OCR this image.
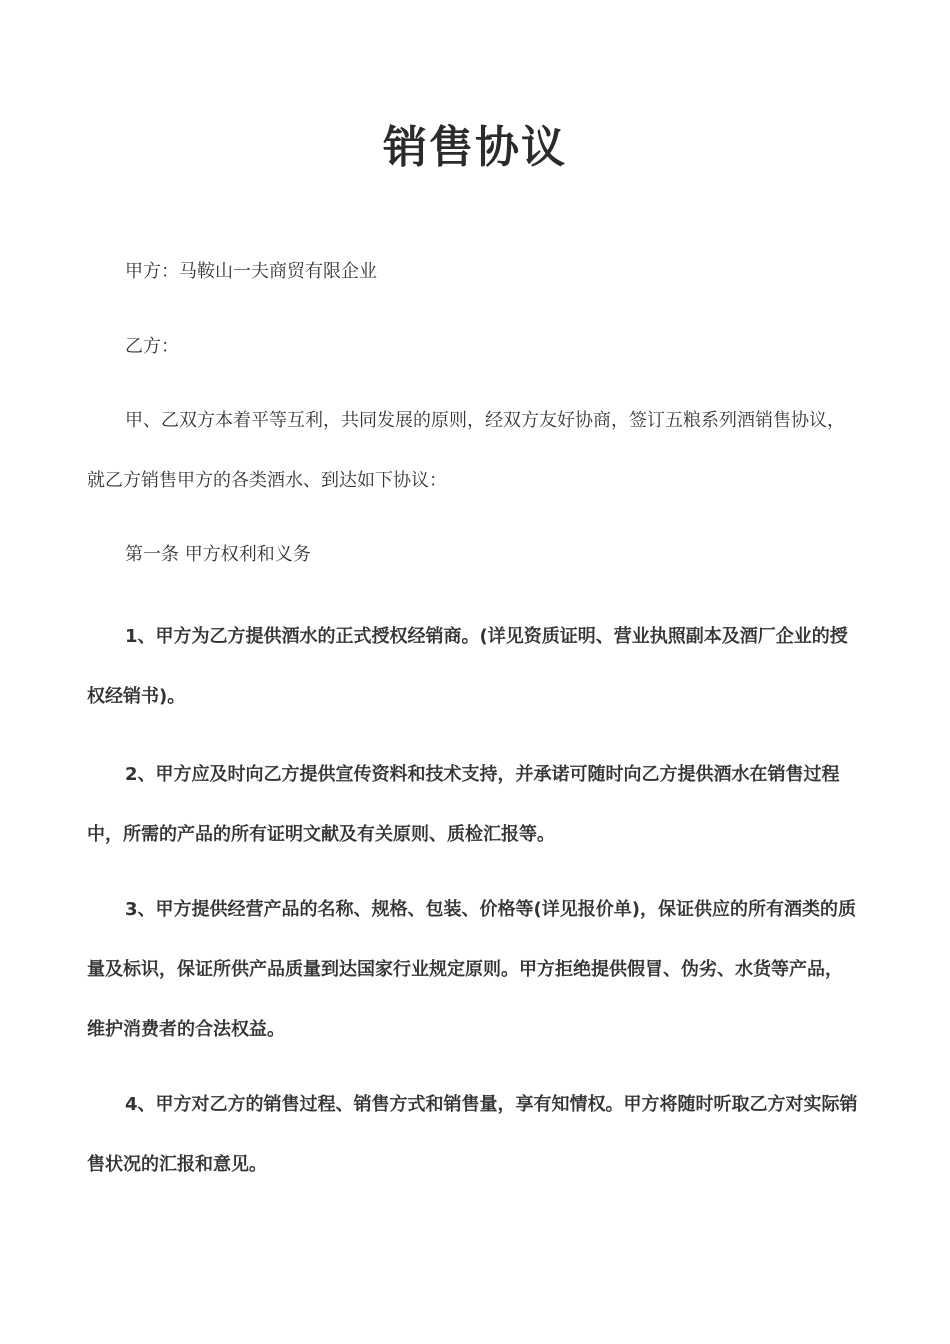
销售协议

甲方：马鞍山一夫商贸有限企业

乙方：

甲、乙双方本着平等互利，共同发展的原则，经双方友好协商，签订五粮系列酒销售协议，就乙方销售甲方的各类酒水、到达如下协议：

第一条 甲方权利和义务

1、甲方为乙方提供酒水的正式授权经销商。(详见资质证明、营业执照副本及酒厂企业的授权经销书)。

2、甲方应及时向乙方提供宣传资料和技术支持，并承诺可随时向乙方提供酒水在销售过程中，所需的产品的所有证明文献及有关原则、质检汇报等。

3、甲方提供经营产品的名称、规格、包装、价格等(详见报价单)，保证供应的所有酒类的质量及标识，保证所供产品质量到达国家行业规定原则。甲方拒绝提供假冒、伪劣、水货等产品，维护消费者的合法权益。

4、甲方对乙方的销售过程、销售方式和销售量，享有知情权。甲方将随时听取乙方对实际销售状况的汇报和意见。
